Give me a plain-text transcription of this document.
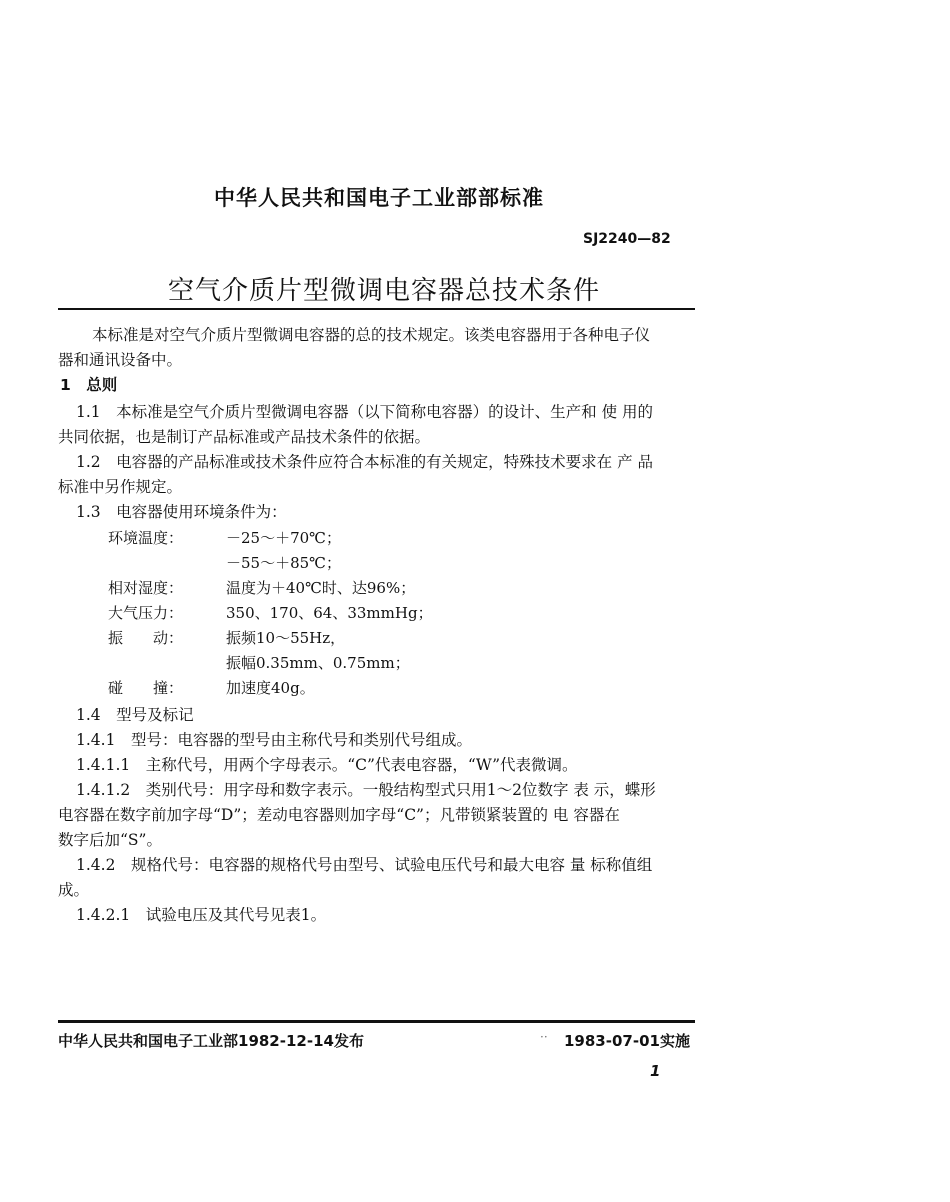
中华人民共和国电子工业部部标准
SJ2240—82
空气介质片型微调电容器总技术条件
本标准是对空气介质片型微调电容器的总的技术规定。该类电容器用于各种电子仪
器和通讯设备中。
1　总则
1.1　本标准是空气介质片型微调电容器（以下简称电容器）的设计、生产和 使 用的
共同依据，也是制订产品标准或产品技术条件的依据。
1.2　电容器的产品标准或技术条件应符合本标准的有关规定，特殊技术要求在 产 品
标准中另作规定。
1.3　电容器使用环境条件为：
环境温度：	－25～＋70℃；
－55～＋85℃；
相对湿度：	温度为＋40℃时、达96%；
大气压力：	350、170、64、33mmHg；
振　　动：	振频10～55Hz，
振幅0.35mm、0.75mm；
碰　　撞：	加速度40g。
1.4　型号及标记
1.4.1　型号：电容器的型号由主称代号和类别代号组成。
1.4.1.1　主称代号，用两个字母表示。“C”代表电容器，“W”代表微调。
1.4.1.2　类别代号：用字母和数字表示。一般结构型式只用1～2位数字 表 示，蝶形
电容器在数字前加字母“D”；差动电容器则加字母“C”；凡带锁紧装置的 电 容器在
数字后加“S”。
1.4.2　规格代号：电容器的规格代号由型号、试验电压代号和最大电容 量 标称值组
成。
1.4.2.1　试验电压及其代号见表1。
中华人民共和国电子工业部1982-12-14发布	·· 1983-07-01实施
1
